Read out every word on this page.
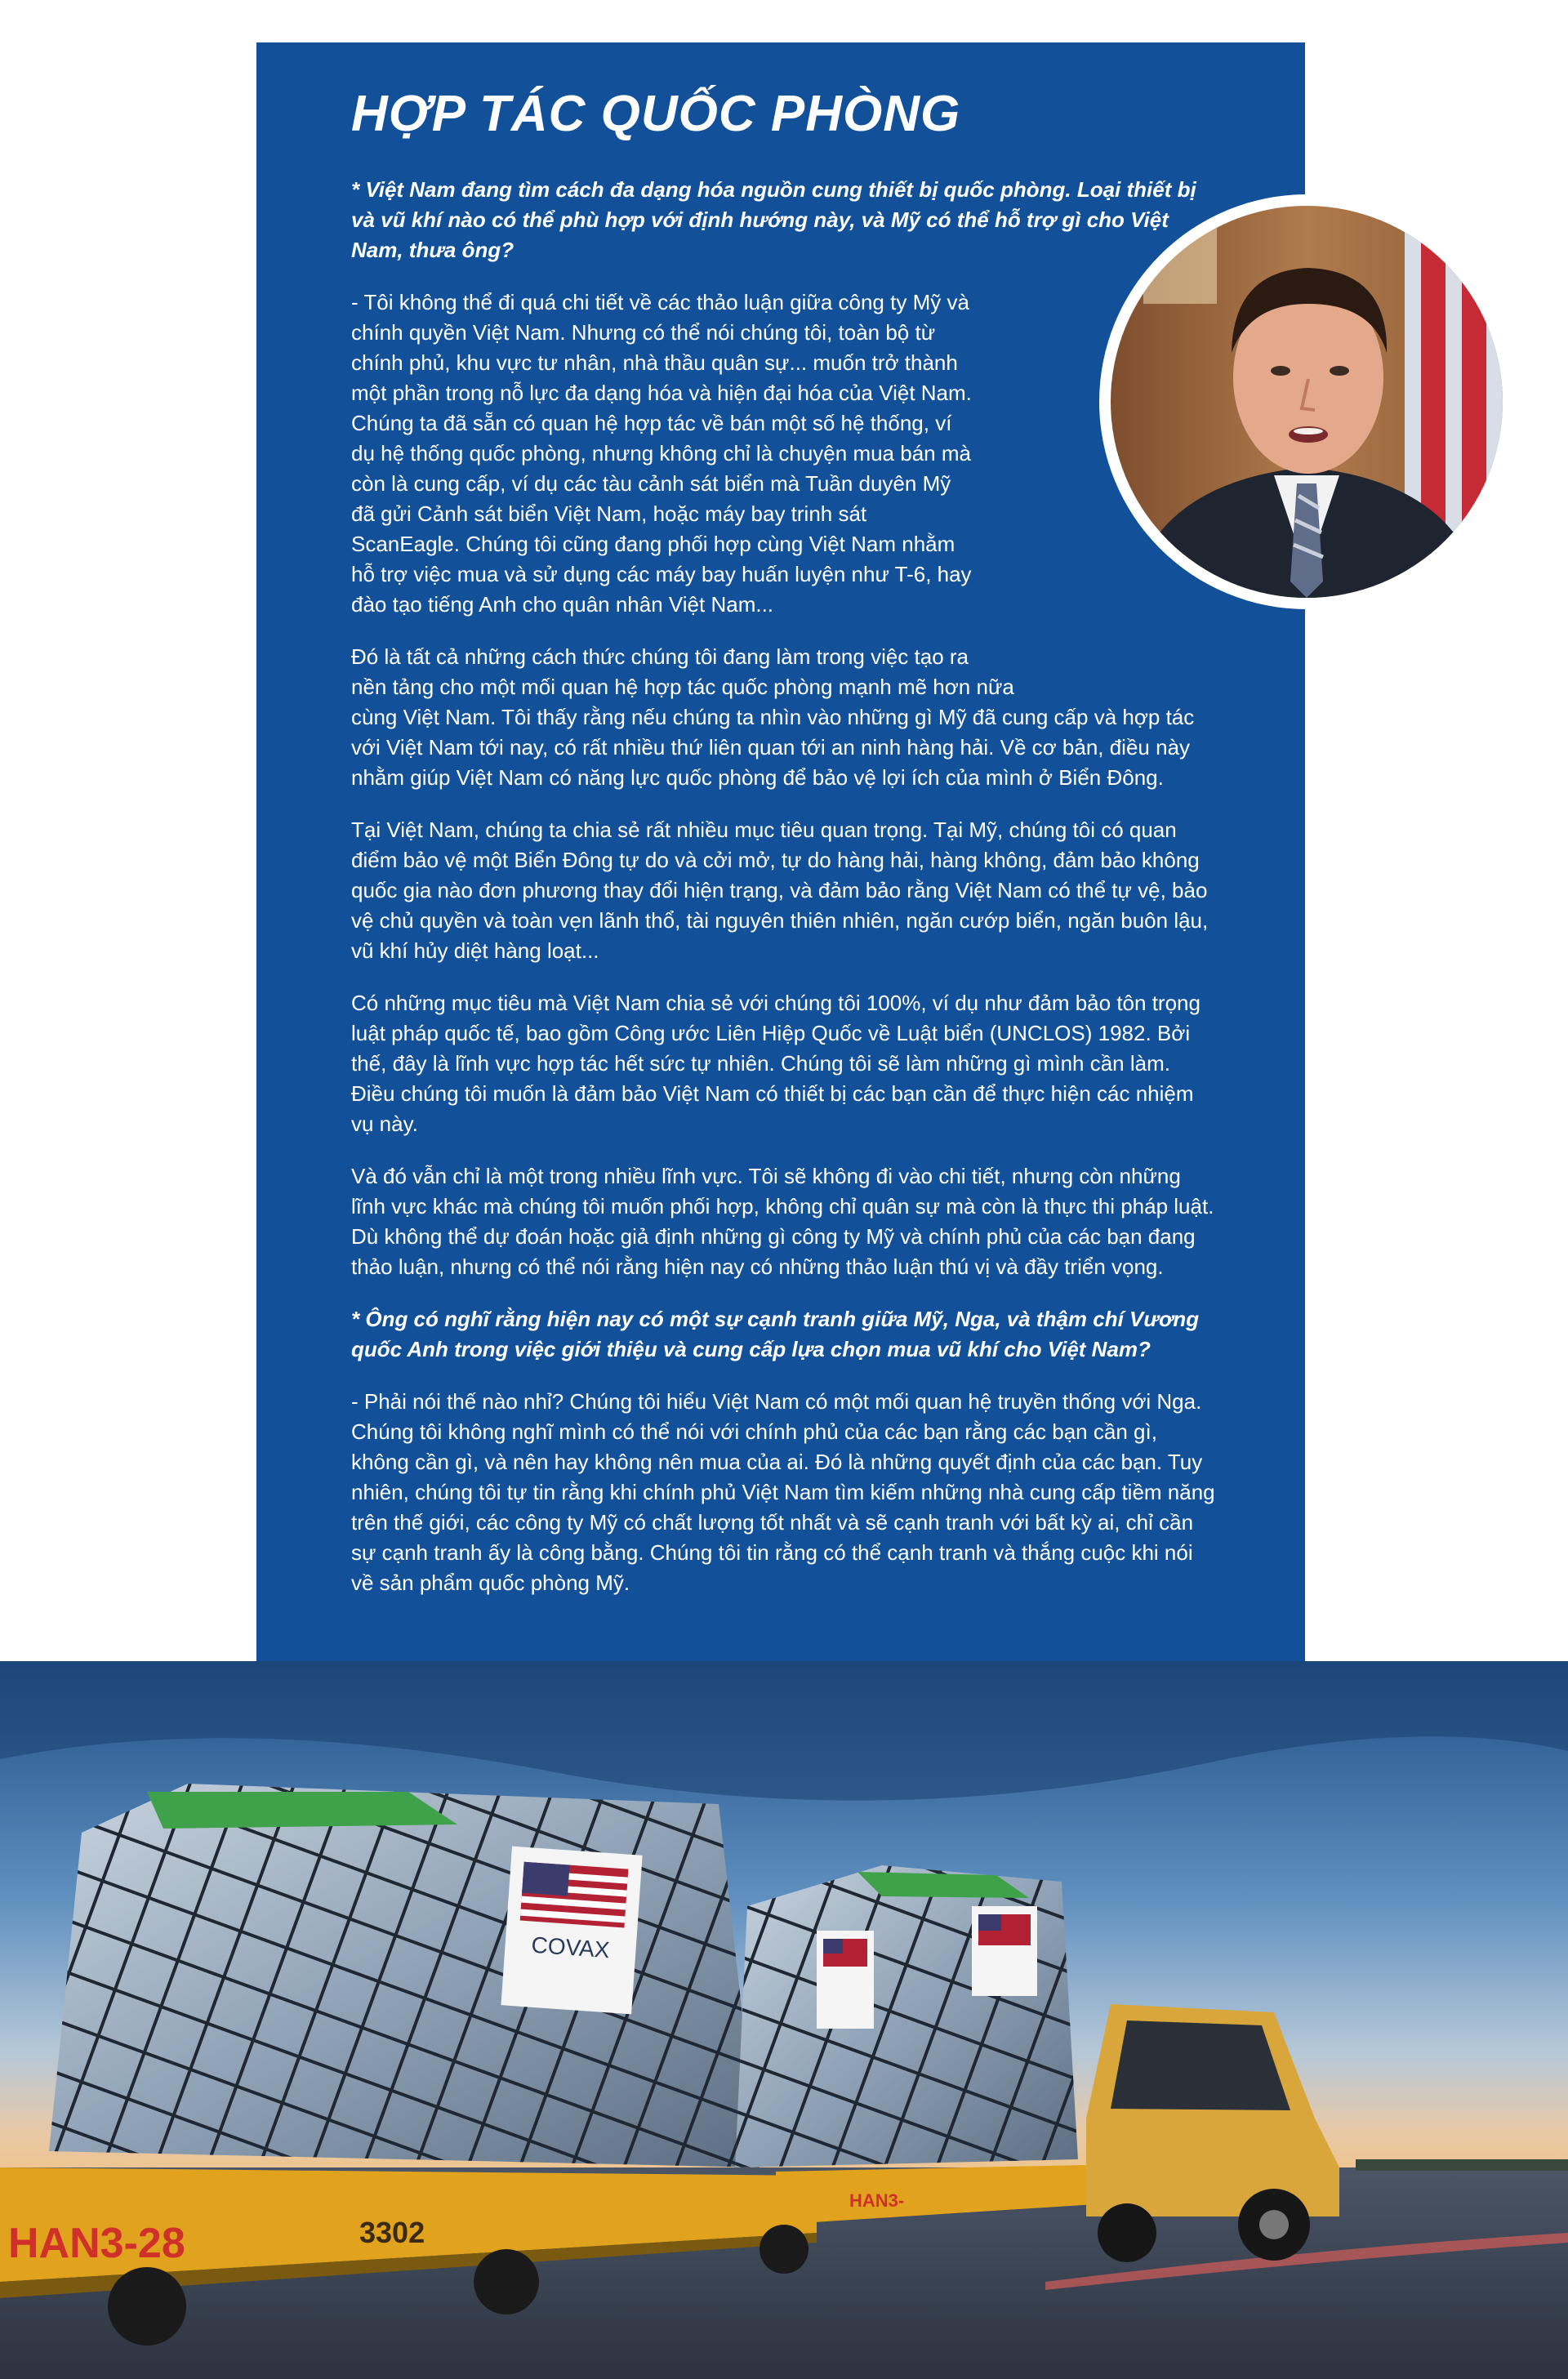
HỢP TÁC QUỐC PHÒNG

* Việt Nam đang tìm cách đa dạng hóa nguồn cung thiết bị quốc phòng. Loại thiết bị và vũ khí nào có thể phù hợp với định hướng này, và Mỹ có thể hỗ trợ gì cho Việt Nam, thưa ông?

- Tôi không thể đi quá chi tiết về các thảo luận giữa công ty Mỹ và chính quyền Việt Nam. Nhưng có thể nói chúng tôi, toàn bộ từ chính phủ, khu vực tư nhân, nhà thầu quân sự... muốn trở thành một phần trong nỗ lực đa dạng hóa và hiện đại hóa của Việt Nam. Chúng ta đã sẵn có quan hệ hợp tác về bán một số hệ thống, ví dụ hệ thống quốc phòng, nhưng không chỉ là chuyện mua bán mà còn là cung cấp, ví dụ các tàu cảnh sát biển mà Tuần duyên Mỹ đã gửi Cảnh sát biển Việt Nam, hoặc máy bay trinh sát ScanEagle. Chúng tôi cũng đang phối hợp cùng Việt Nam nhằm hỗ trợ việc mua và sử dụng các máy bay huấn luyện như T-6, hay đào tạo tiếng Anh cho quân nhân Việt Nam...

Đó là tất cả những cách thức chúng tôi đang làm trong việc tạo ra nền tảng cho một mối quan hệ hợp tác quốc phòng mạnh mẽ hơn nữa cùng Việt Nam. Tôi thấy rằng nếu chúng ta nhìn vào những gì Mỹ đã cung cấp và hợp tác với Việt Nam tới nay, có rất nhiều thứ liên quan tới an ninh hàng hải. Về cơ bản, điều này nhằm giúp Việt Nam có năng lực quốc phòng để bảo vệ lợi ích của mình ở Biển Đông.

Tại Việt Nam, chúng ta chia sẻ rất nhiều mục tiêu quan trọng. Tại Mỹ, chúng tôi có quan điểm bảo vệ một Biển Đông tự do và cởi mở, tự do hàng hải, hàng không, đảm bảo không quốc gia nào đơn phương thay đổi hiện trạng, và đảm bảo rằng Việt Nam có thể tự vệ, bảo vệ chủ quyền và toàn vẹn lãnh thổ, tài nguyên thiên nhiên, ngăn cướp biển, ngăn buôn lậu, vũ khí hủy diệt hàng loạt...

Có những mục tiêu mà Việt Nam chia sẻ với chúng tôi 100%, ví dụ như đảm bảo tôn trọng luật pháp quốc tế, bao gồm Công ước Liên Hiệp Quốc về Luật biển (UNCLOS) 1982. Bởi thế, đây là lĩnh vực hợp tác hết sức tự nhiên. Chúng tôi sẽ làm những gì mình cần làm. Điều chúng tôi muốn là đảm bảo Việt Nam có thiết bị các bạn cần để thực hiện các nhiệm vụ này.

Và đó vẫn chỉ là một trong nhiều lĩnh vực. Tôi sẽ không đi vào chi tiết, nhưng còn những lĩnh vực khác mà chúng tôi muốn phối hợp, không chỉ quân sự mà còn là thực thi pháp luật. Dù không thể dự đoán hoặc giả định những gì công ty Mỹ và chính phủ của các bạn đang thảo luận, nhưng có thể nói rằng hiện nay có những thảo luận thú vị và đầy triển vọng.

* Ông có nghĩ rằng hiện nay có một sự cạnh tranh giữa Mỹ, Nga, và thậm chí Vương quốc Anh trong việc giới thiệu và cung cấp lựa chọn mua vũ khí cho Việt Nam?

- Phải nói thế nào nhỉ? Chúng tôi hiểu Việt Nam có một mối quan hệ truyền thống với Nga. Chúng tôi không nghĩ mình có thể nói với chính phủ của các bạn rằng các bạn cần gì, không cần gì, và nên hay không nên mua của ai. Đó là những quyết định của các bạn. Tuy nhiên, chúng tôi tự tin rằng khi chính phủ Việt Nam tìm kiếm những nhà cung cấp tiềm năng trên thế giới, các công ty Mỹ có chất lượng tốt nhất và sẽ cạnh tranh với bất kỳ ai, chỉ cần sự cạnh tranh ấy là công bằng. Chúng tôi tin rằng có thể cạnh tranh và thắng cuộc khi nói về sản phẩm quốc phòng Mỹ.

COVAX
HAN3-28	3302
HAN3-
